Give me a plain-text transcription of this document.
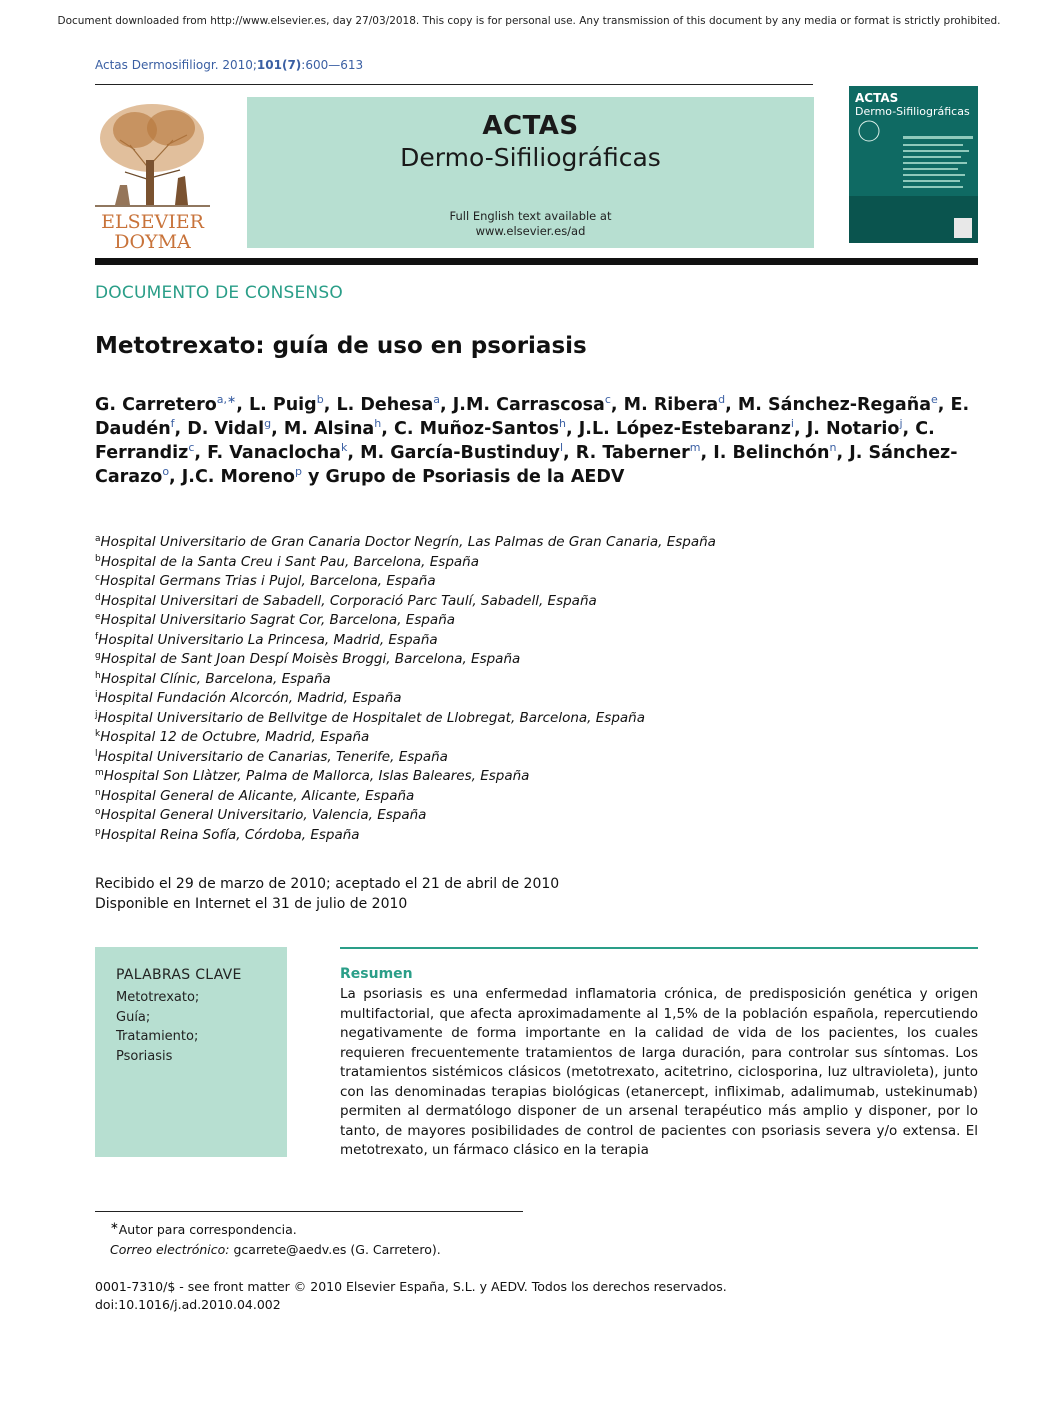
Document downloaded from http://www.elsevier.es, day 27/03/2018. This copy is for personal use. Any transmission of this document by any media or format is strictly prohibited.
Actas Dermosifiliogr. 2010;101(7):600—613
ELSEVIER
DOYMA
ACTAS
Dermo-Sifiliográficas
Full English text available at
www.elsevier.es/ad
ACTAS
Dermo-Sifiliográficas
DOCUMENTO DE CONSENSO
Metotrexato: guía de uso en psoriasis
G. Carretero$^{a,∗}$, L. Puig$^b$, L. Dehesa$^a$, J.M. Carrascosa$^c$, M. Ribera$^d$, M. Sánchez-Regaña$^e$, E. Daudén$^f$, D. Vidal$^g$, M. Alsina$^h$, C. Muñoz-Santos$^h$, J.L. López-Estebaranz$^i$, J. Notario$^j$, C. Ferrandiz$^c$, F. Vanaclocha$^k$, M. García-Bustinduy$^l$, R. Taberner$^m$, I. Belinchón$^n$, J. Sánchez-Carazo$^o$, J.C. Moreno$^p$ y Grupo de Psoriasis de la AEDV
$^a$Hospital Universitario de Gran Canaria Doctor Negrín, Las Palmas de Gran Canaria, España
$^b$Hospital de la Santa Creu i Sant Pau, Barcelona, España
$^c$Hospital Germans Trias i Pujol, Barcelona, España
$^d$Hospital Universitari de Sabadell, Corporació Parc Taulí, Sabadell, España
$^e$Hospital Universitario Sagrat Cor, Barcelona, España
$^f$Hospital Universitario La Princesa, Madrid, España
$^g$Hospital de Sant Joan Despí Moisès Broggi, Barcelona, España
$^h$Hospital Clínic, Barcelona, España
$^i$Hospital Fundación Alcorcón, Madrid, España
$^j$Hospital Universitario de Bellvitge de Hospitalet de Llobregat, Barcelona, España
$^k$Hospital 12 de Octubre, Madrid, España
$^l$Hospital Universitario de Canarias, Tenerife, España
$^m$Hospital Son Llàtzer, Palma de Mallorca, Islas Baleares, España
$^n$Hospital General de Alicante, Alicante, España
$^o$Hospital General Universitario, Valencia, España
$^p$Hospital Reina Sofía, Córdoba, España
Recibido el 29 de marzo de 2010; aceptado el 21 de abril de 2010
Disponible en Internet el 31 de julio de 2010
PALABRAS CLAVE
Metotrexato;
Guía;
Tratamiento;
Psoriasis
Resumen
La psoriasis es una enfermedad inflamatoria crónica, de predisposición genética y origen multifactorial, que afecta aproximadamente al 1,5% de la población española, repercutiendo negativamente de forma importante en la calidad de vida de los pacientes, los cuales requieren frecuentemente tratamientos de larga duración, para controlar sus síntomas. Los tratamientos sistémicos clásicos (metotrexato, acitetrino, ciclosporina, luz ultravioleta), junto con las denominadas terapias biológicas (etanercept, infliximab, adalimumab, ustekinumab) permiten al dermatólogo disponer de un arsenal terapéutico más amplio y disponer, por lo tanto, de mayores posibilidades de control de pacientes con psoriasis severa y/o extensa. El metotrexato, un fármaco clásico en la terapia
∗Autor para correspondencia.
Correo electrónico: gcarrete@aedv.es (G. Carretero).
0001-7310/$ - see front matter © 2010 Elsevier España, S.L. y AEDV. Todos los derechos reservados.
doi:10.1016/j.ad.2010.04.002
